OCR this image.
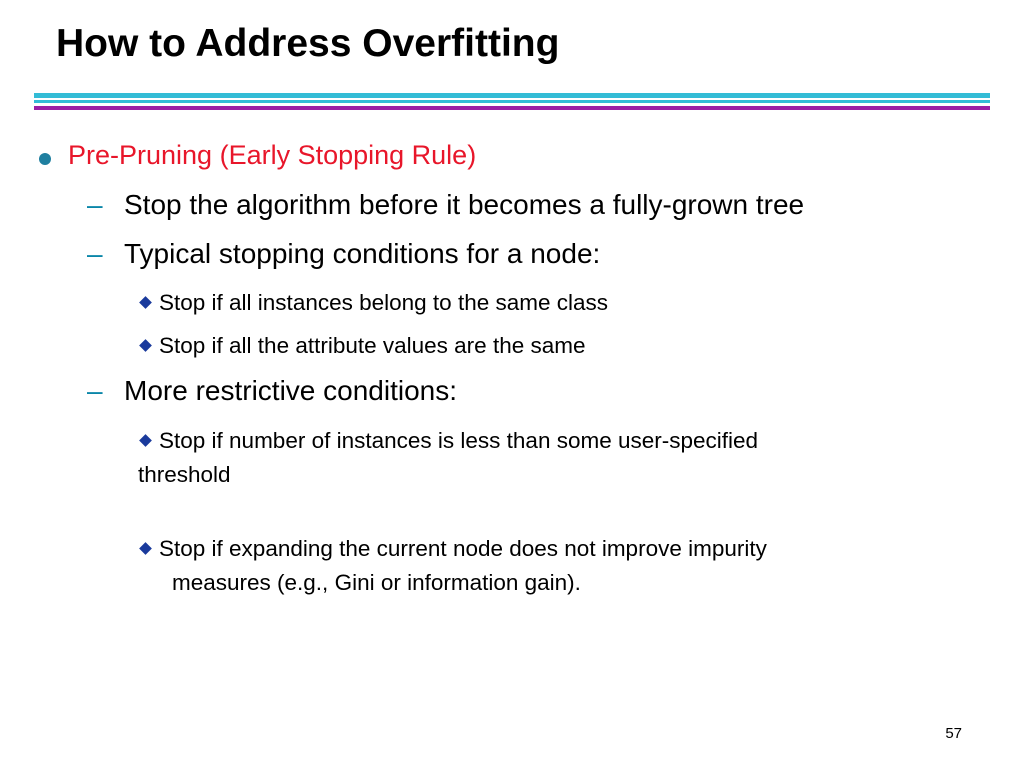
How to Address Overfitting
Pre-Pruning (Early Stopping Rule)
– Stop the algorithm before it becomes a fully-grown tree
– Typical stopping conditions for a node:
Stop if all instances belong to the same class
Stop if all the attribute values are the same
– More restrictive conditions:
Stop if number of instances is less than some user-specified
threshold
Stop if expanding the current node does not improve impurity
measures (e.g., Gini or information gain).
57
